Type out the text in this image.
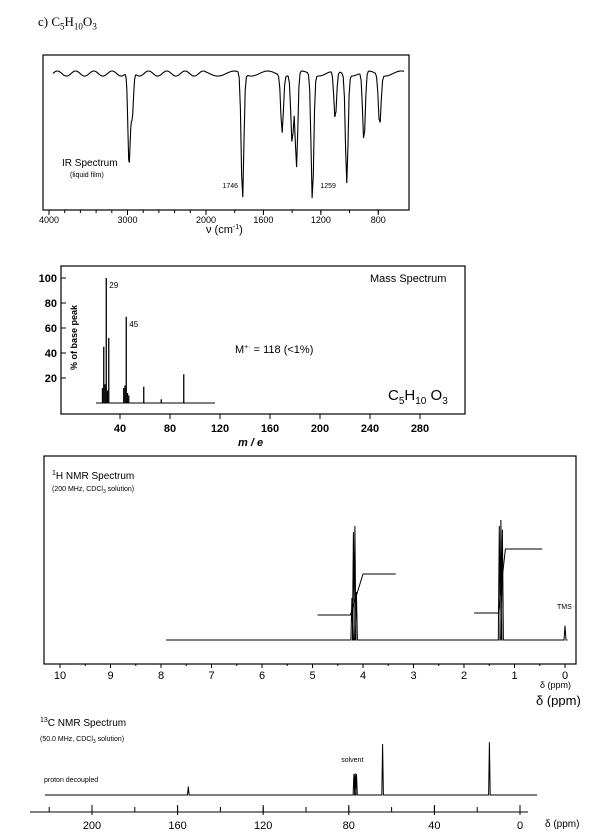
c) $C_5H_{10}O_3$
4000	3000	2000	1600	1200	800
1746	1259
IR Spectrum
(liquid film)
ν $(cm^{-1})$
29
45
20
40
60
80
100
40	80	120	160	200	240	280
Mass Spectrum
% of base peak	M+· = 118 (<1%)
$C_5H_{10}$ $O_3$
m / e
10	9	8	7	6	5	4	3	2	1	0
$^1$H NMR Spectrum
(200 MHz, CDCl$_3$ solution)
TMS
δ (ppm)
δ (ppm)
200	160	120	80	40	0
$^{13}$C NMR Spectrum
(50.0 MHz, CDCl$_3$ solution)
proton decoupled
solvent
δ (ppm)
